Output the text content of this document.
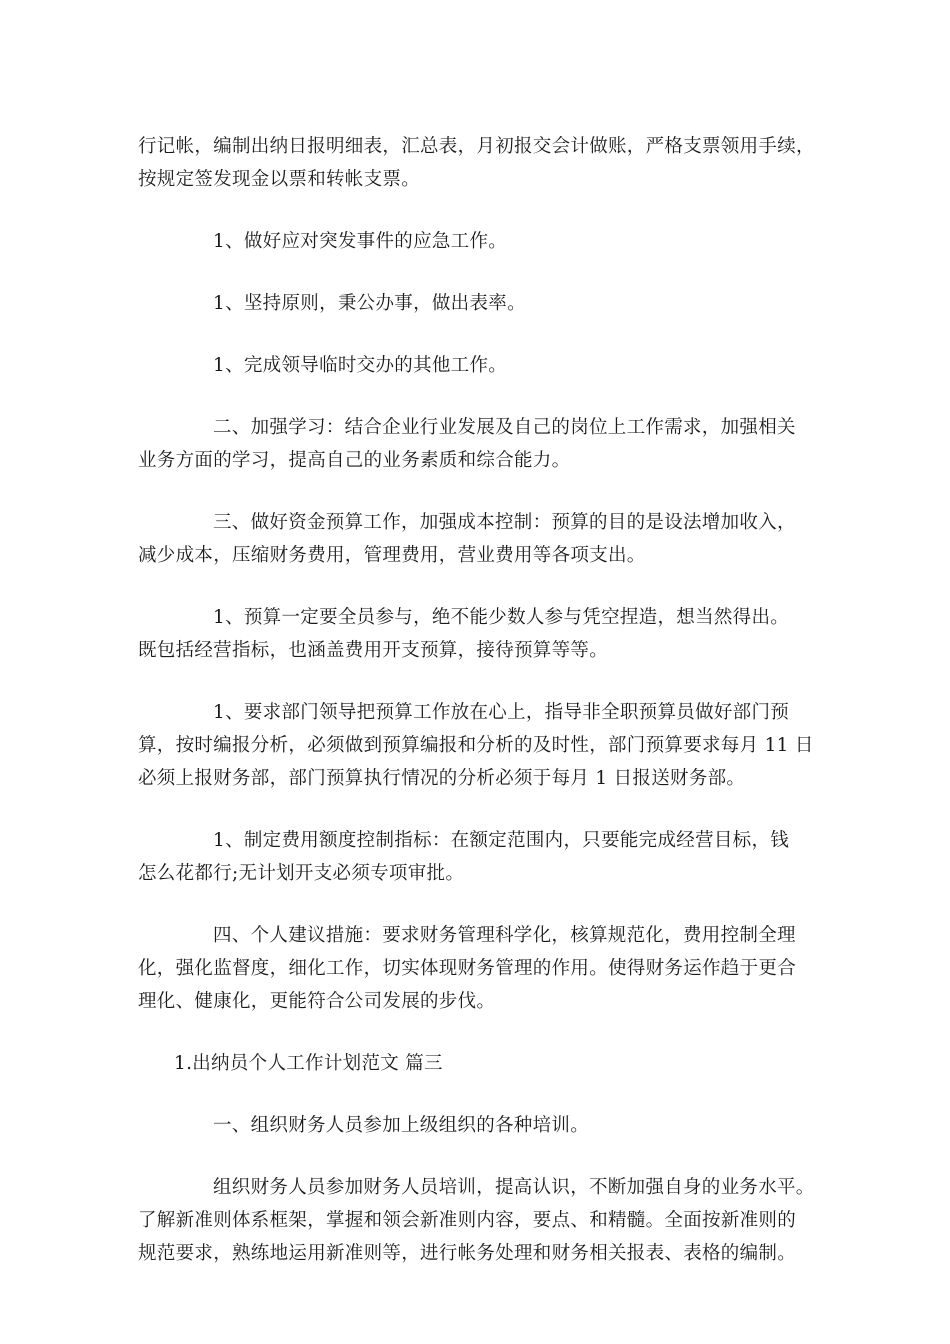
行记帐，编制出纳日报明细表，汇总表，月初报交会计做账，严格支票领用手续，
按规定签发现金以票和转帐支票。

1、做好应对突发事件的应急工作。

1、坚持原则，秉公办事，做出表率。

1、完成领导临时交办的其他工作。

二、加强学习：结合企业行业发展及自己的岗位上工作需求，加强相关
业务方面的学习，提高自己的业务素质和综合能力。

三、做好资金预算工作，加强成本控制：预算的目的是设法增加收入，
减少成本，压缩财务费用，管理费用，营业费用等各项支出。

1、预算一定要全员参与，绝不能少数人参与凭空捏造，想当然得出。
既包括经营指标，也涵盖费用开支预算，接待预算等等。

1、要求部门领导把预算工作放在心上，指导非全职预算员做好部门预
算，按时编报分析，必须做到预算编报和分析的及时性，部门预算要求每月 11 日
必须上报财务部，部门预算执行情况的分析必须于每月 1 日报送财务部。

1、制定费用额度控制指标：在额定范围内，只要能完成经营目标，钱
怎么花都行;无计划开支必须专项审批。

四、个人建议措施：要求财务管理科学化，核算规范化，费用控制全理
化，强化监督度，细化工作，切实体现财务管理的作用。使得财务运作趋于更合
理化、健康化，更能符合公司发展的步伐。

1.出纳员个人工作计划范文 篇三

一、组织财务人员参加上级组织的各种培训。

组织财务人员参加财务人员培训，提高认识，不断加强自身的业务水平。
了解新准则体系框架，掌握和领会新准则内容，要点、和精髓。全面按新准则的
规范要求，熟练地运用新准则等，进行帐务处理和财务相关报表、表格的编制。
